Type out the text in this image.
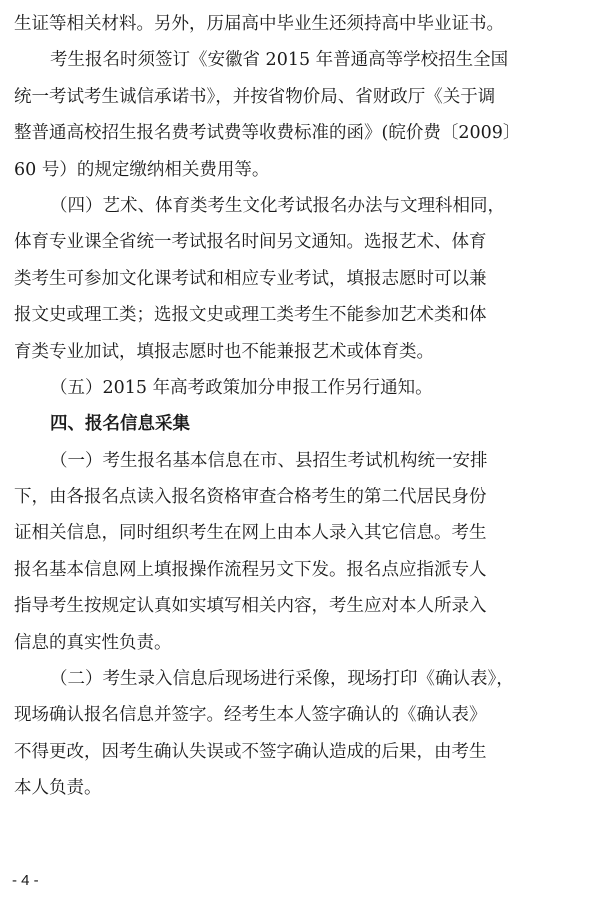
生证等相关材料。另外，历届高中毕业生还须持高中毕业证书。
考生报名时须签订《安徽省 2015 年普通高等学校招生全国
统一考试考生诚信承诺书》，并按省物价局、省财政厅《关于调
整普通高校招生报名费考试费等收费标准的函》(皖价费〔2009〕
60 号）的规定缴纳相关费用等。
（四）艺术、体育类考生文化考试报名办法与文理科相同，
体育专业课全省统一考试报名时间另文通知。选报艺术、体育
类考生可参加文化课考试和相应专业考试，填报志愿时可以兼
报文史或理工类；选报文史或理工类考生不能参加艺术类和体
育类专业加试，填报志愿时也不能兼报艺术或体育类。
（五）2015 年高考政策加分申报工作另行通知。
四、报名信息采集
（一）考生报名基本信息在市、县招生考试机构统一安排
下，由各报名点读入报名资格审查合格考生的第二代居民身份
证相关信息，同时组织考生在网上由本人录入其它信息。考生
报名基本信息网上填报操作流程另文下发。报名点应指派专人
指导考生按规定认真如实填写相关内容，考生应对本人所录入
信息的真实性负责。
（二）考生录入信息后现场进行采像，现场打印《确认表》，
现场确认报名信息并签字。经考生本人签字确认的《确认表》
不得更改，因考生确认失误或不签字确认造成的后果，由考生
本人负责。
- 4 -
